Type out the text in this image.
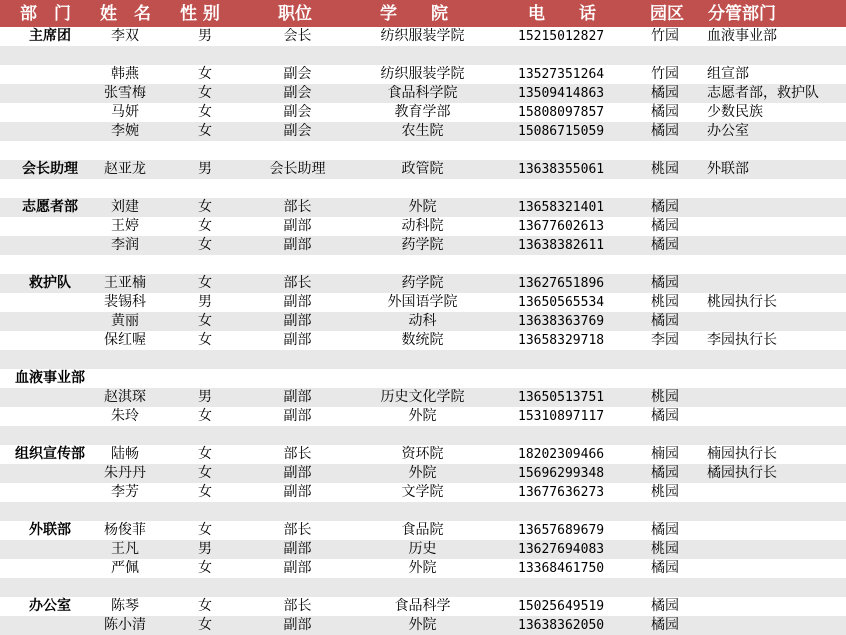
部　门 姓　名 性 别	职位	学　　院	电　　话	园区 分管部门
主席团	李双	男	会长	纺织服装学院	15215012827	竹园	血液事业部
韩燕	女	副会	纺织服装学院	13527351264	竹园	组宣部
张雪梅	女	副会	食品科学院	13509414863	橘园	志愿者部，救护队
马妍	女	副会	教育学部	15808097857	橘园	少数民族
李婉	女	副会	农生院	15086715059	橘园	办公室
会长助理	赵亚龙	男	会长助理	政管院	13638355061	桃园	外联部
志愿者部	刘建	女	部长	外院	13658321401	橘园
王婷	女	副部	动科院	13677602613	橘园
李润	女	副部	药学院	13638382611	橘园
救护队	王亚楠	女	部长	药学院	13627651896	橘园
裴锡科	男	副部	外国语学院	13650565534	桃园	桃园执行长
黄丽	女	副部	动科	13638363769	橘园
保红喔	女	副部	数统院	13658329718	李园	李园执行长
血液事业部
赵淇琛	男	副部	历史文化学院	13650513751	桃园
朱玲	女	副部	外院	15310897117	橘园
组织宣传部	陆畅	女	部长	资环院	18202309466	楠园	楠园执行长
朱丹丹	女	副部	外院	15696299348	橘园	橘园执行长
李芳	女	副部	文学院	13677636273	桃园
外联部	杨俊菲	女	部长	食品院	13657689679	橘园
王凡	男	副部	历史	13627694083	桃园
严佩	女	副部	外院	13368461750	橘园
办公室	陈琴	女	部长	食品科学	15025649519	橘园
陈小清	女	副部	外院	13638362050	橘园
